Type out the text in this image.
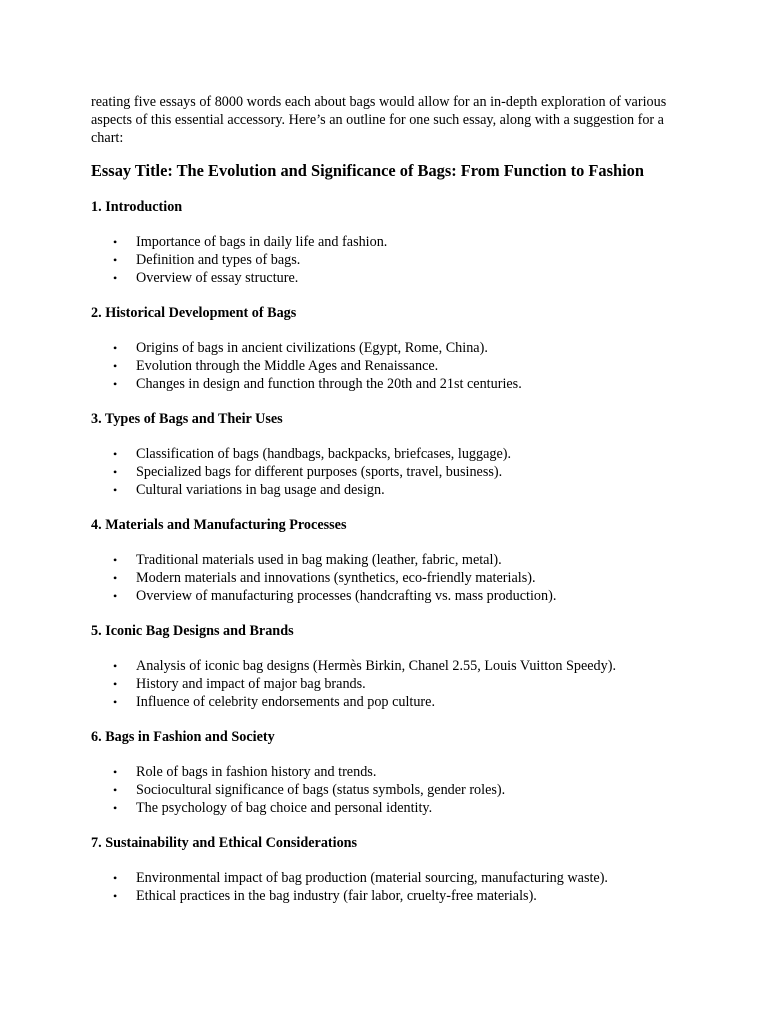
reating five essays of 8000 words each about bags would allow for an in-depth exploration of various aspects of this essential accessory. Here’s an outline for one such essay, along with a suggestion for a chart:

Essay Title: The Evolution and Significance of Bags: From Function to Fashion
1. Introduction
• Importance of bags in daily life and fashion.
• Definition and types of bags.
• Overview of essay structure.
2. Historical Development of Bags
• Origins of bags in ancient civilizations (Egypt, Rome, China).
• Evolution through the Middle Ages and Renaissance.
• Changes in design and function through the 20th and 21st centuries.
3. Types of Bags and Their Uses
• Classification of bags (handbags, backpacks, briefcases, luggage).
• Specialized bags for different purposes (sports, travel, business).
• Cultural variations in bag usage and design.
4. Materials and Manufacturing Processes
• Traditional materials used in bag making (leather, fabric, metal).
• Modern materials and innovations (synthetics, eco-friendly materials).
• Overview of manufacturing processes (handcrafting vs. mass production).
5. Iconic Bag Designs and Brands
• Analysis of iconic bag designs (Hermès Birkin, Chanel 2.55, Louis Vuitton Speedy).
• History and impact of major bag brands.
• Influence of celebrity endorsements and pop culture.
6. Bags in Fashion and Society
• Role of bags in fashion history and trends.
• Sociocultural significance of bags (status symbols, gender roles).
• The psychology of bag choice and personal identity.
7. Sustainability and Ethical Considerations
• Environmental impact of bag production (material sourcing, manufacturing waste).
• Ethical practices in the bag industry (fair labor, cruelty-free materials).
